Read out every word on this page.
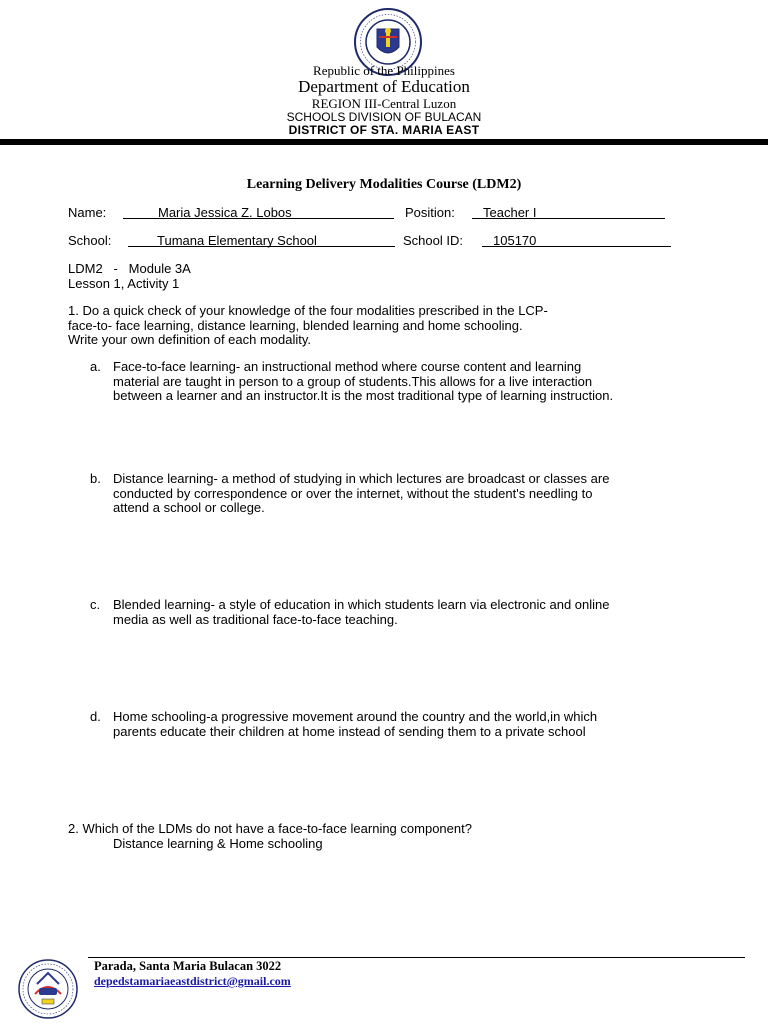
Republic of the Philippines

Department of Education

REGION III-Central Luzon

SCHOOLS DIVISION OF BULACAN

DISTRICT OF STA. MARIA EAST

Learning Delivery Modalities Course (LDM2)
Name:	Maria Jessica Z. Lobos	Position: Teacher I
School:	Tumana Elementary School	School ID: 105170
LDM2   -   Module 3A
Lesson 1, Activity 1
1. Do a quick check of your knowledge of the four modalities prescribed in the LCP-
face-to- face learning, distance learning, blended learning and home schooling.
Write your own definition of each modality.
a. Face-to-face learning- an instructional method where course content and learning
material are taught in person to a group of students.This allows for a live interaction
between a learner and an instructor.It is the most traditional type of learning instruction.
b. Distance learning- a method of studying in which lectures are broadcast or classes are
conducted by correspondence or over the internet, without the student's needling to
attend a school or college.
c. Blended learning- a style of education in which students learn via electronic and online
media as well as traditional face-to-face teaching.
d. Home schooling-a progressive movement around the country and the world,in which
parents educate their children at home instead of sending them to a private school
2. Which of the LDMs do not have a face-to-face learning component?
Distance learning & Home schooling
Parada, Santa Maria Bulacan 3022
depedstamariaeastdistrict@gmail.com
